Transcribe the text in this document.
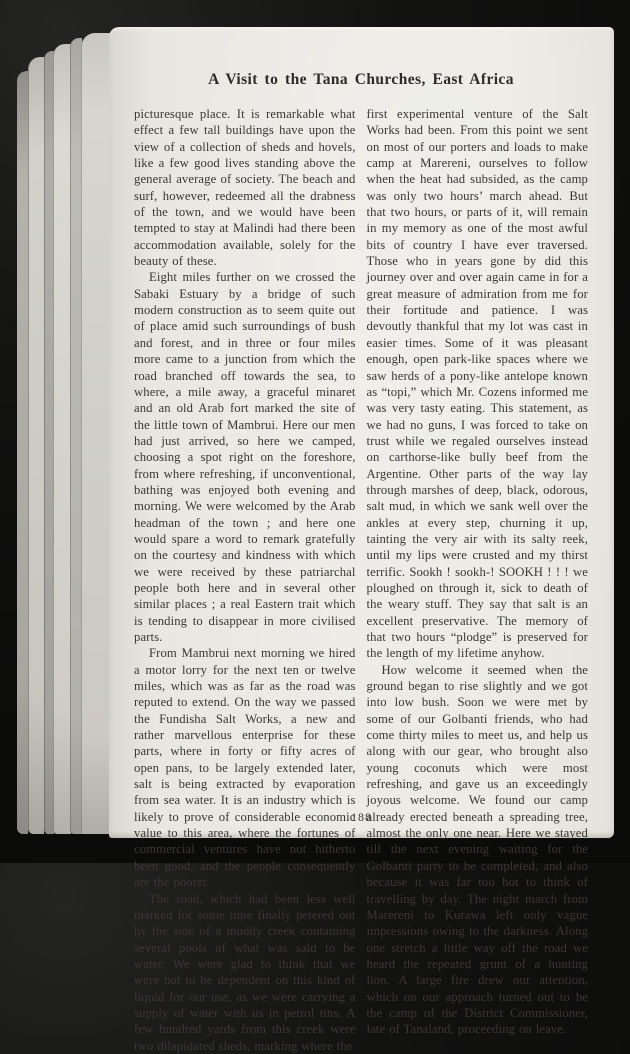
A Visit to the Tana Churches, East Africa

picturesque place. It is remarkable what effect a few tall buildings have upon the view of a collection of sheds and hovels, like a few good lives standing above the general average of society. The beach and surf, however, redeemed all the drabness of the town, and we would have been tempted to stay at Malindi had there been accommodation available, solely for the beauty of these.

Eight miles further on we crossed the Sabaki Estuary by a bridge of such modern construction as to seem quite out of place amid such surroundings of bush and forest, and in three or four miles more came to a junction from which the road branched off towards the sea, to where, a mile away, a graceful minaret and an old Arab fort marked the site of the little town of Mambrui. Here our men had just arrived, so here we camped, choosing a spot right on the foreshore, from where refreshing, if unconventional, bathing was enjoyed both evening and morning. We were welcomed by the Arab headman of the town ; and here one would spare a word to remark gratefully on the courtesy and kindness with which we were received by these patriarchal people both here and in several other similar places ; a real Eastern trait which is tending to disappear in more civilised parts.

From Mambrui next morning we hired a motor lorry for the next ten or twelve miles, which was as far as the road was reputed to extend. On the way we passed the Fundisha Salt Works, a new and rather marvellous enterprise for these parts, where in forty or fifty acres of open pans, to be largely extended later, salt is being extracted by evaporation from sea water. It is an industry which is likely to prove of considerable economic value to this area, where the fortunes of commercial ventures have not hitherto been good, and the people consequently are the poorer.

The road, which had been less well marked for some time finally petered out by the side of a muddy creek containing several pools of what was said to be water. We were glad to think that we were not to be dependent on this kind of liquid for our use, as we were carrying a supply of water with us in petrol tins. A few hundred yards from this creek were two dilapidated sheds, marking where the

first experimental venture of the Salt Works had been. From this point we sent on most of our porters and loads to make camp at Marereni, ourselves to follow when the heat had subsided, as the camp was only two hours’ march ahead. But that two hours, or parts of it, will remain in my memory as one of the most awful bits of country I have ever traversed. Those who in years gone by did this journey over and over again came in for a great measure of admiration from me for their fortitude and patience. I was devoutly thankful that my lot was cast in easier times. Some of it was pleasant enough, open park-like spaces where we saw herds of a pony-like antelope known as “topi,” which Mr. Cozens informed me was very tasty eating. This statement, as we had no guns, I was forced to take on trust while we regaled ourselves instead on carthorse-like bully beef from the Argentine. Other parts of the way lay through marshes of deep, black, odorous, salt mud, in which we sank well over the ankles at every step, churning it up, tainting the very air with its salty reek, until my lips were crusted and my thirst terrific. Sookh ! sookh-! SOOKH ! ! ! we ploughed on through it, sick to death of the weary stuff. They say that salt is an excellent preservative. The memory of that two hours “plodge” is preserved for the length of my lifetime anyhow.

How welcome it seemed when the ground began to rise slightly and we got into low bush. Soon we were met by some of our Golbanti friends, who had come thirty miles to meet us, and help us along with our gear, who brought also young coconuts which were most refreshing, and gave us an exceedingly joyous welcome. We found our camp already erected beneath a spreading tree, almost the only one near. Here we stayed till the next evening waiting for the Golbanti party to be completed, and also because it was far too hot to think of travelling by day. The night march from Marereni to Kurawa left only vague impressions owing to the darkness. Along one stretch a little way off the road we heard the repeated grunt of a hunting lion. A large fire drew our attention, which on our approach turned out to be the camp of the District Commissioner, late of Tanaland, proceeding on leave.

188
